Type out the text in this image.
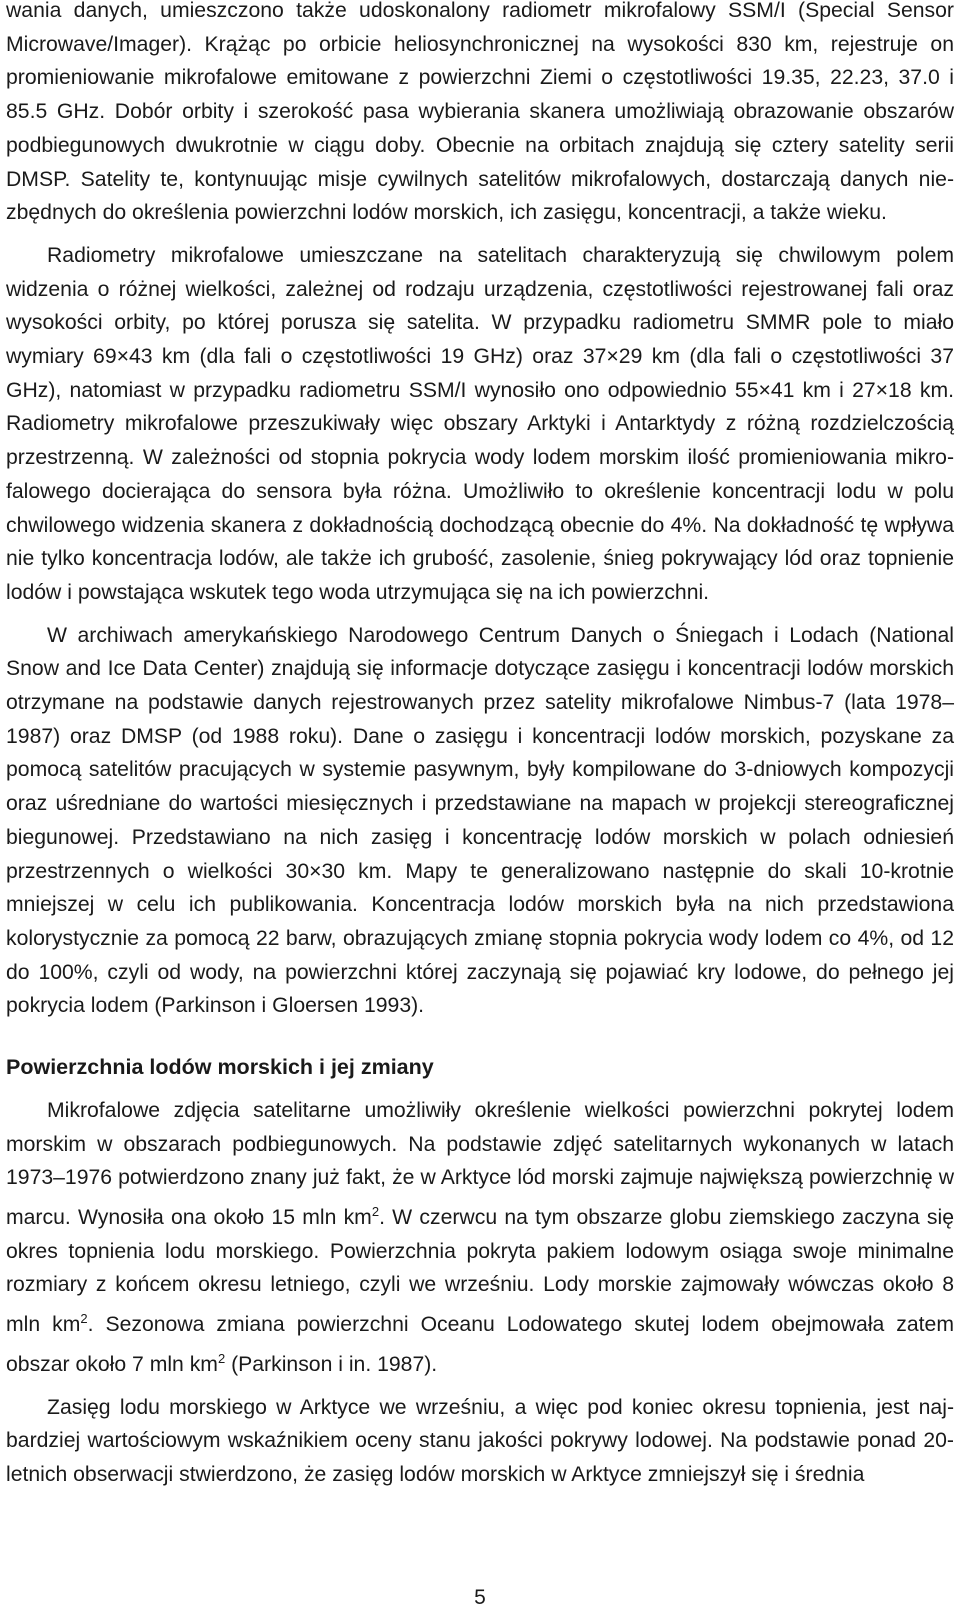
wania danych, umieszczono także udoskonalony radiometr mikrofalowy SSM/I (Special Sensor Microwave/Imager). Krążąc po orbicie heliosynchronicznej na wysokości 830 km, rejestruje on promieniowanie mikrofalowe emitowane z powierzchni Ziemi o częstotliwości 19.35, 22.23, 37.0 i 85.5 GHz. Dobór orbity i szerokość pasa wybierania skanera umożliwiają obrazowanie obszarów podbiegunowych dwukrotnie w ciągu doby. Obecnie na orbitach znajdują się cztery satelity serii DMSP. Satelity te, kontynuując misje cywilnych satelitów mikrofalowych, dostarczają danych niezbędnych do określenia powierzchni lodów morskich, ich zasięgu, koncentracji, a także wieku.

Radiometry mikrofalowe umieszczane na satelitach charakteryzują się chwilowym polem widzenia o różnej wielkości, zależnej od rodzaju urządzenia, częstotliwości rejestrowanej fali oraz wysokości orbity, po której porusza się satelita. W przypadku radiometru SMMR pole to miało wymiary 69×43 km (dla fali o częstotliwości 19 GHz) oraz 37×29 km (dla fali o częstotliwości 37 GHz), natomiast w przypadku radiometru SSM/I wynosiło ono odpowiednio 55×41 km i 27×18 km. Radiometry mikrofalowe przeszukiwały więc obszary Arktyki i Antarktydy z różną rozdzielczością przestrzenną. W zależności od stopnia pokrycia wody lodem morskim ilość promieniowania mikrofalowego docierająca do sensora była różna. Umożliwiło to określenie koncentracji lodu w polu chwilowego widzenia skanera z dokładnością dochodzącą obecnie do 4%. Na dokładność tę wpływa nie tylko koncentracja lodów, ale także ich grubość, zasolenie, śnieg pokrywający lód oraz topnienie lodów i powstająca wskutek tego woda utrzymująca się na ich powierzchni.

W archiwach amerykańskiego Narodowego Centrum Danych o Śniegach i Lodach (National Snow and Ice Data Center) znajdują się informacje dotyczące zasięgu i koncentracji lodów morskich otrzymane na podstawie danych rejestrowanych przez satelity mikrofalowe Nimbus-7 (lata 1978–1987) oraz DMSP (od 1988 roku). Dane o zasięgu i koncentracji lodów morskich, pozyskane za pomocą satelitów pracujących w systemie pasywnym, były kompilowane do 3-dniowych kompozycji oraz uśredniane do wartości miesięcznych i przedstawiane na mapach w projekcji stereograficznej biegunowej. Przedstawiano na nich zasięg i koncentrację lodów morskich w polach odniesień przestrzennych o wielkości 30×30 km. Mapy te generalizowano następnie do skali 10-krotnie mniejszej w celu ich publikowania. Koncentracja lodów morskich była na nich przedstawiona kolorystycznie za pomocą 22 barw, obrazujących zmianę stopnia pokrycia wody lodem co 4%, od 12 do 100%, czyli od wody, na powierzchni której zaczynają się pojawiać kry lodowe, do pełnego jej pokrycia lodem (Parkinson i Gloersen 1993).

Powierzchnia lodów morskich i jej zmiany

Mikrofalowe zdjęcia satelitarne umożliwiły określenie wielkości powierzchni pokrytej lodem morskim w obszarach podbiegunowych. Na podstawie zdjęć satelitarnych wykonanych w latach 1973–1976 potwierdzono znany już fakt, że w Arktyce lód morski zajmuje największą powierzchnię w marcu. Wynosiła ona około 15 mln $km^2$. W czerwcu na tym obszarze globu ziemskiego zaczyna się okres topnienia lodu morskiego. Powierzchnia pokryta pakiem lodowym osiąga swoje minimalne rozmiary z końcem okresu letniego, czyli we wrześniu. Lody morskie zajmowały wówczas około 8 mln $km^2$. Sezonowa zmiana powierzchni Oceanu Lodowatego skutej lodem obejmowała zatem obszar około 7 mln $km^2$ (Parkinson i in. 1987).

Zasięg lodu morskiego w Arktyce we wrześniu, a więc pod koniec okresu topnienia, jest najbardziej wartościowym wskaźnikiem oceny stanu jakości pokrywy lodowej. Na podstawie ponad 20-letnich obserwacji stwierdzono, że zasięg lodów morskich w Arktyce zmniejszył się i średnia

5
